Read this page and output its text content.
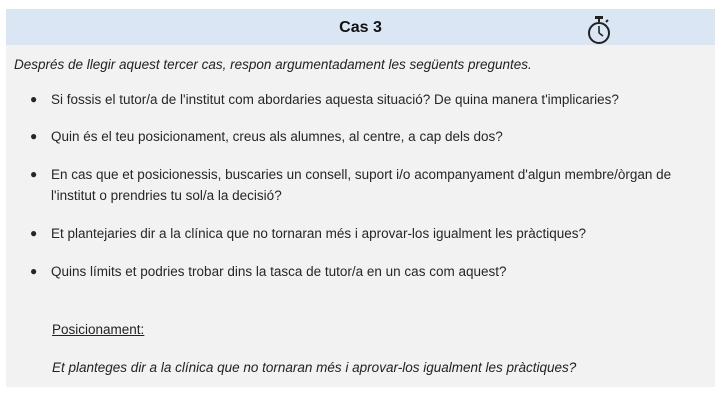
Cas 3
Després de llegir aquest tercer cas, respon argumentadament les següents preguntes.
● Si fossis el tutor/a de l'institut com abordaries aquesta situació? De quina manera t'implicaries?
● Quin és el teu posicionament, creus als alumnes, al centre, a cap dels dos?
● En cas que et posicionessis, buscaries un consell, suport i/o acompanyament d'algun membre/òrgan de l'institut o prendries tu sol/a la decisió?
● Et plantejaries dir a la clínica que no tornaran més i aprovar-los igualment les pràctiques?
● Quins límits et podries trobar dins la tasca de tutor/a en un cas com aquest?
Posicionament:
Et planteges dir a la clínica que no tornaran més i aprovar-los igualment les pràctiques?
